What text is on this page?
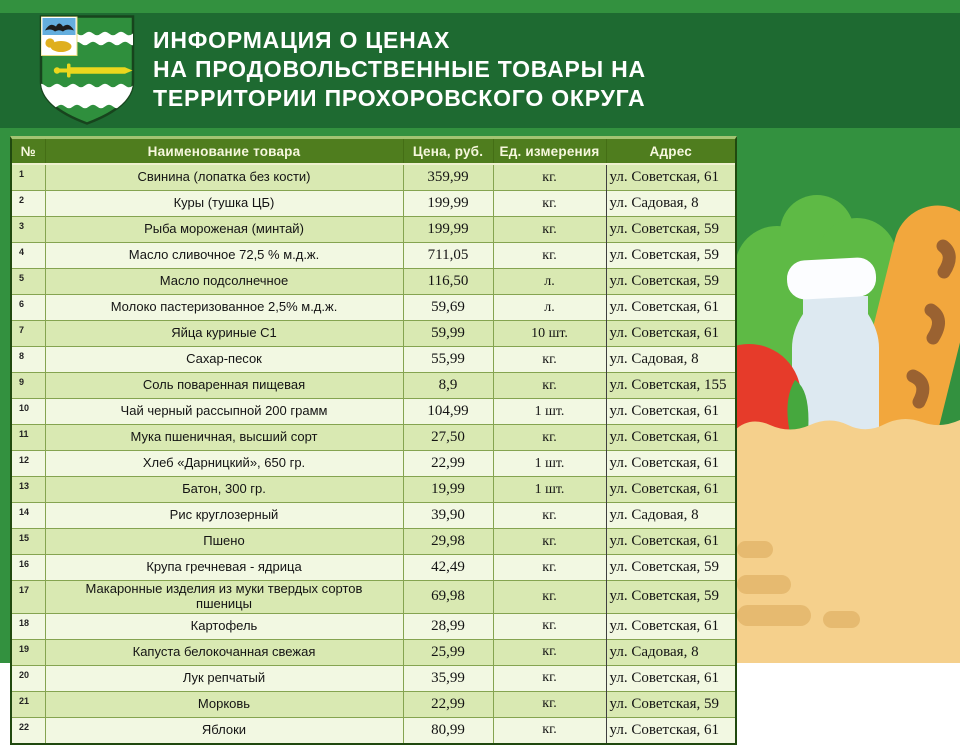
ИНФОРМАЦИЯ О ЦЕНАХ
НА ПРОДОВОЛЬСТВЕННЫЕ ТОВАРЫ НА
ТЕРРИТОРИИ ПРОХОРОВСКОГО ОКРУГА
№	Наименование товара	Цена, руб.	Ед. измерения	Адрес
1	Свинина (лопатка без кости)	359,99	кг.	ул. Советская, 61
2	Куры (тушка ЦБ)	199,99	кг.	ул. Садовая, 8
3	Рыба мороженая (минтай)	199,99	кг.	ул. Советская, 59
4	Масло сливочное 72,5 % м.д.ж.	711,05	кг.	ул. Советская, 59
5	Масло подсолнечное	116,50	л.	ул. Советская, 59
6	Молоко пастеризованное 2,5% м.д.ж.	59,69	л.	ул. Советская, 61
7	Яйца куриные С1	59,99	10 шт.	ул. Советская, 61
8	Сахар-песок	55,99	кг.	ул. Садовая, 8
9	Соль поваренная пищевая	8,9	кг.	ул. Советская, 155
10	Чай черный рассыпной 200 грамм	104,99	1 шт.	ул. Советская, 61
11	Мука пшеничная, высший сорт	27,50	кг.	ул. Советская, 61
12	Хлеб «Дарницкий», 650 гр.	22,99	1 шт.	ул. Советская, 61
13	Батон, 300 гр.	19,99	1 шт.	ул. Советская, 61
14	Рис круглозерный	39,90	кг.	ул. Садовая, 8
15	Пшено	29,98	кг.	ул. Советская, 61
16	Крупа гречневая - ядрица	42,49	кг.	ул. Советская, 59
17	Макаронные изделия из муки твердых сортов пшеницы	69,98	кг.	ул. Советская, 59
18	Картофель	28,99	кг.	ул. Советская, 61
19	Капуста белокочанная свежая	25,99	кг.	ул. Садовая, 8
20	Лук репчатый	35,99	кг.	ул. Советская, 61
21	Морковь	22,99	кг.	ул. Советская, 59
22	Яблоки	80,99	кг.	ул. Советская, 61
